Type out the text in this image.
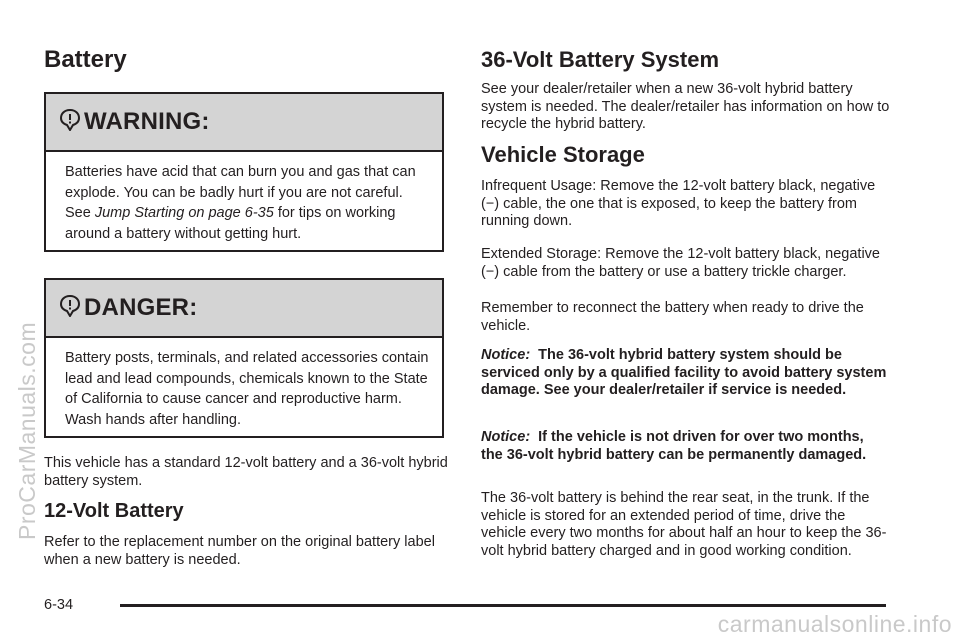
Battery
WARNING:
Batteries have acid that can burn you and gas that can explode. You can be badly hurt if you are not careful. See Jump Starting on page 6-35 for tips on working around a battery without getting hurt.
DANGER:
Battery posts, terminals, and related accessories contain lead and lead compounds, chemicals known to the State of California to cause cancer and reproductive harm. Wash hands after handling.

This vehicle has a standard 12-volt battery and a 36-volt hybrid battery system.

12-Volt Battery

Refer to the replacement number on the original battery label when a new battery is needed.

36-Volt Battery System

See your dealer/retailer when a new 36-volt hybrid battery system is needed. The dealer/retailer has information on how to recycle the hybrid battery.

Vehicle Storage

Infrequent Usage: Remove the 12-volt battery black, negative (−) cable, the one that is exposed, to keep the battery from running down.

Extended Storage: Remove the 12-volt battery black, negative (−) cable from the battery or use a battery trickle charger.

Remember to reconnect the battery when ready to drive the vehicle.

Notice: The 36-volt hybrid battery system should be serviced only by a qualified facility to avoid battery system damage. See your dealer/retailer if service is needed.

Notice: If the vehicle is not driven for over two months, the 36-volt hybrid battery can be permanently damaged.

The 36-volt battery is behind the rear seat, in the trunk. If the vehicle is stored for an extended period of time, drive the vehicle every two months for about half an hour to keep the 36-volt hybrid battery charged and in good working condition.

6-34
ProCarManuals.com
carmanualsonline.info
